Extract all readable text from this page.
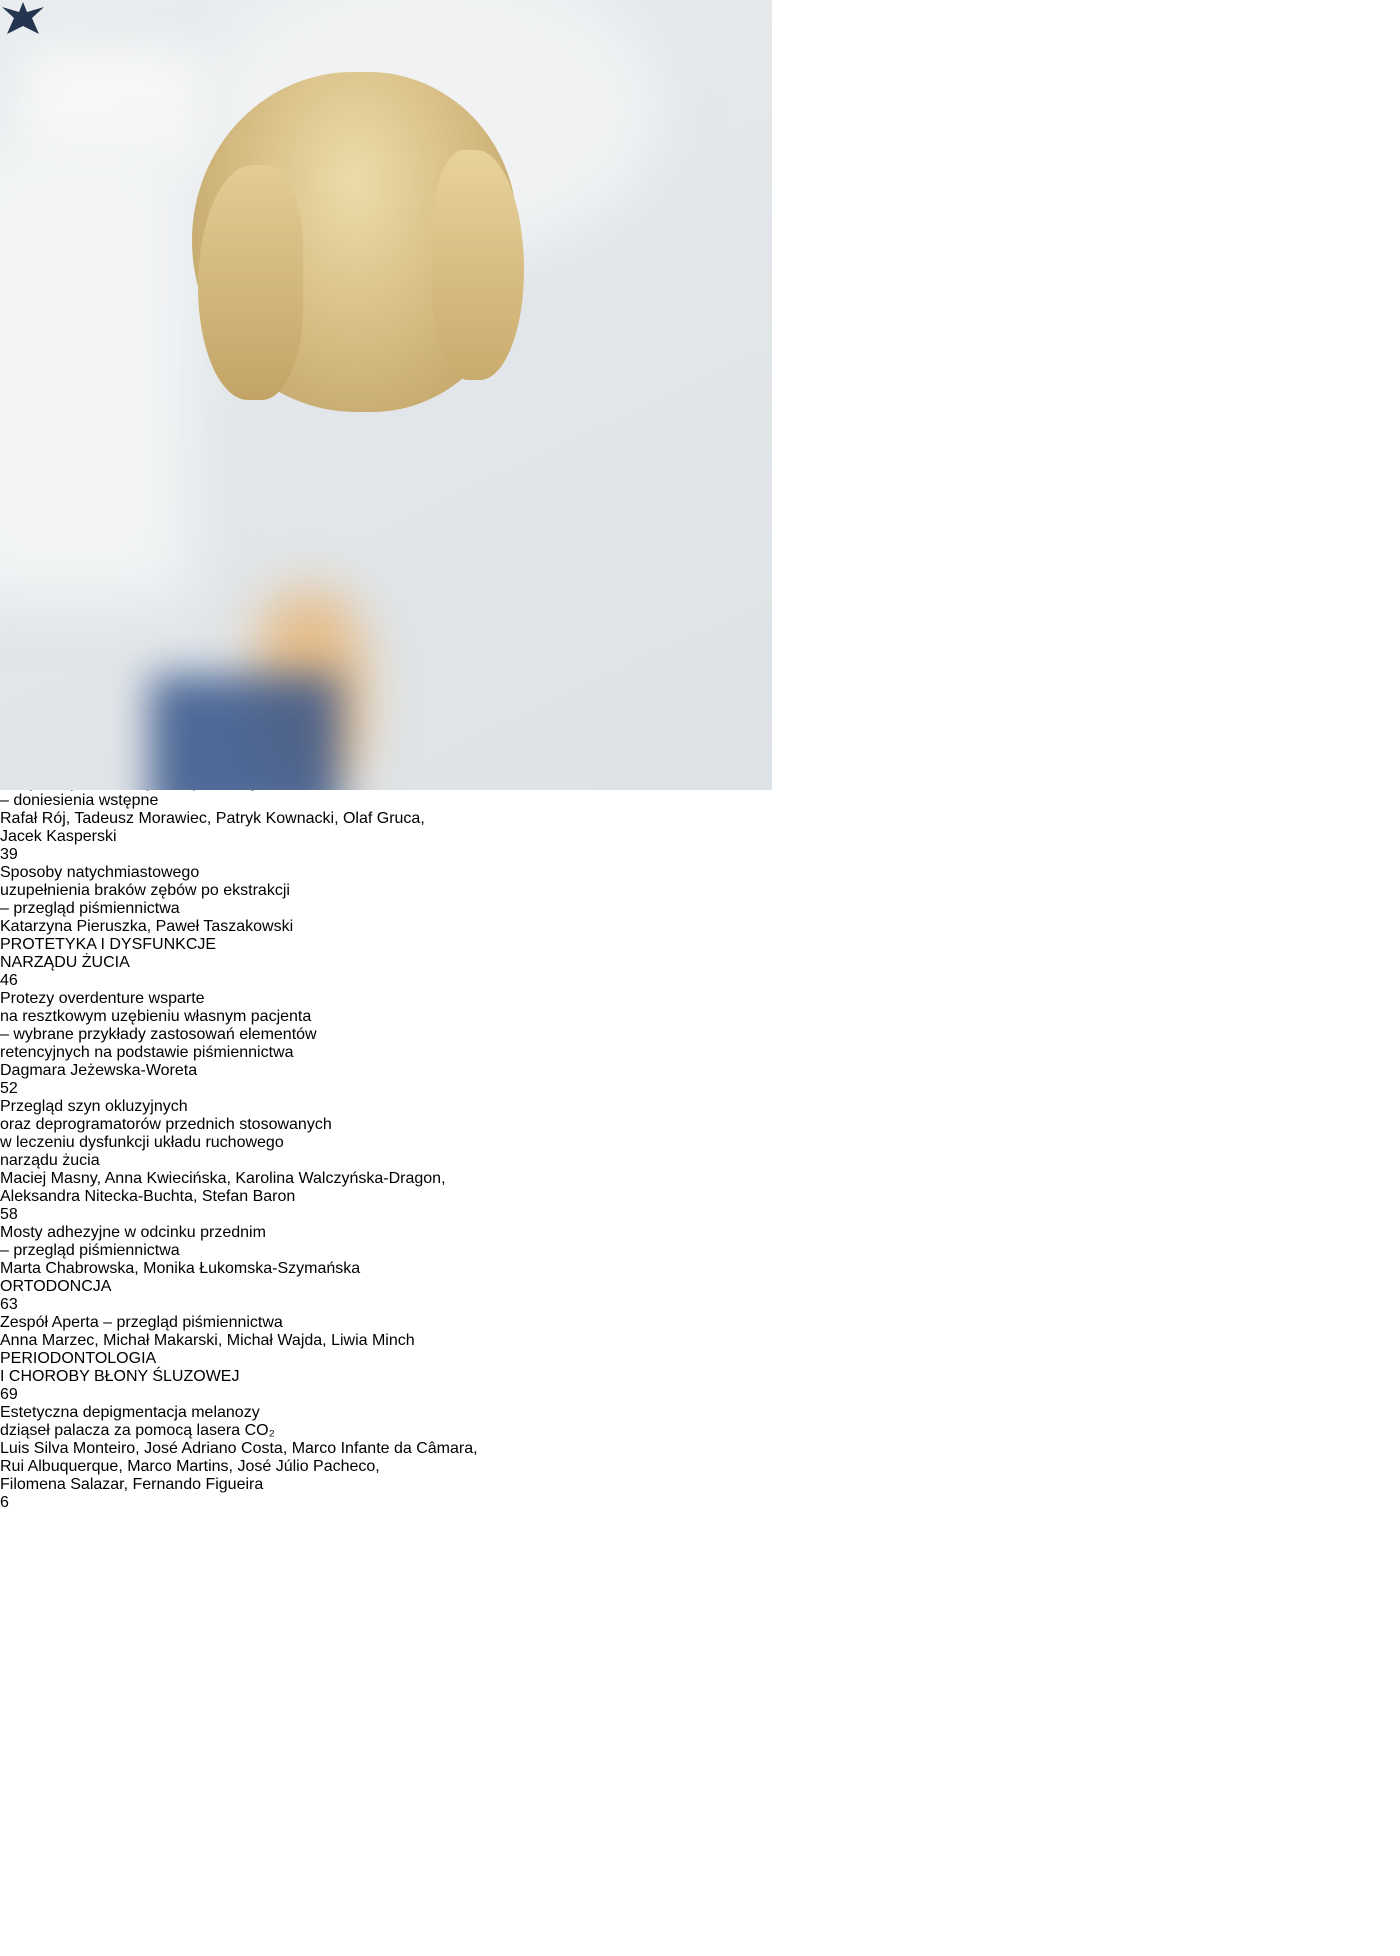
– doniesienia wstępne
Rafał Rój, Tadeusz Morawiec, Patryk Kownacki, Olaf Gruca,
Jacek Kasperski
39
Sposoby natychmiastowego
uzupełnienia braków zębów po ekstrakcji
– przegląd piśmiennictwa
Katarzyna Pieruszka, Paweł Taszakowski
PROTETYKA I DYSFUNKCJE
NARZĄDU ŻUCIA
46
Protezy overdenture wsparte
na resztkowym uzębieniu własnym pacjenta
– wybrane przykłady zastosowań elementów
retencyjnych na podstawie piśmiennictwa
Dagmara Jeżewska-Woreta
52
Przegląd szyn okluzyjnych
oraz deprogramatorów przednich stosowanych
w leczeniu dysfunkcji układu ruchowego
narządu żucia
Maciej Masny, Anna Kwiecińska, Karolina Walczyńska-Dragon,
Aleksandra Nitecka-Buchta, Stefan Baron
58
Mosty adhezyjne w odcinku przednim
– przegląd piśmiennictwa
Marta Chabrowska, Monika Łukomska-Szymańska
ORTODONCJA
63
Zespół Aperta – przegląd piśmiennictwa
Anna Marzec, Michał Makarski, Michał Wajda, Liwia Minch
PERIODONTOLOGIA
I CHOROBY BŁONY ŚLUZOWEJ
69
Estetyczna depigmentacja melanozy
dziąseł palacza za pomocą lasera CO₂
Luis Silva Monteiro, José Adriano Costa, Marco Infante da Câmara,
Rui Albuquerque, Marco Martins, José Júlio Pacheco,
Filomena Salazar, Fernando Figueira
6
